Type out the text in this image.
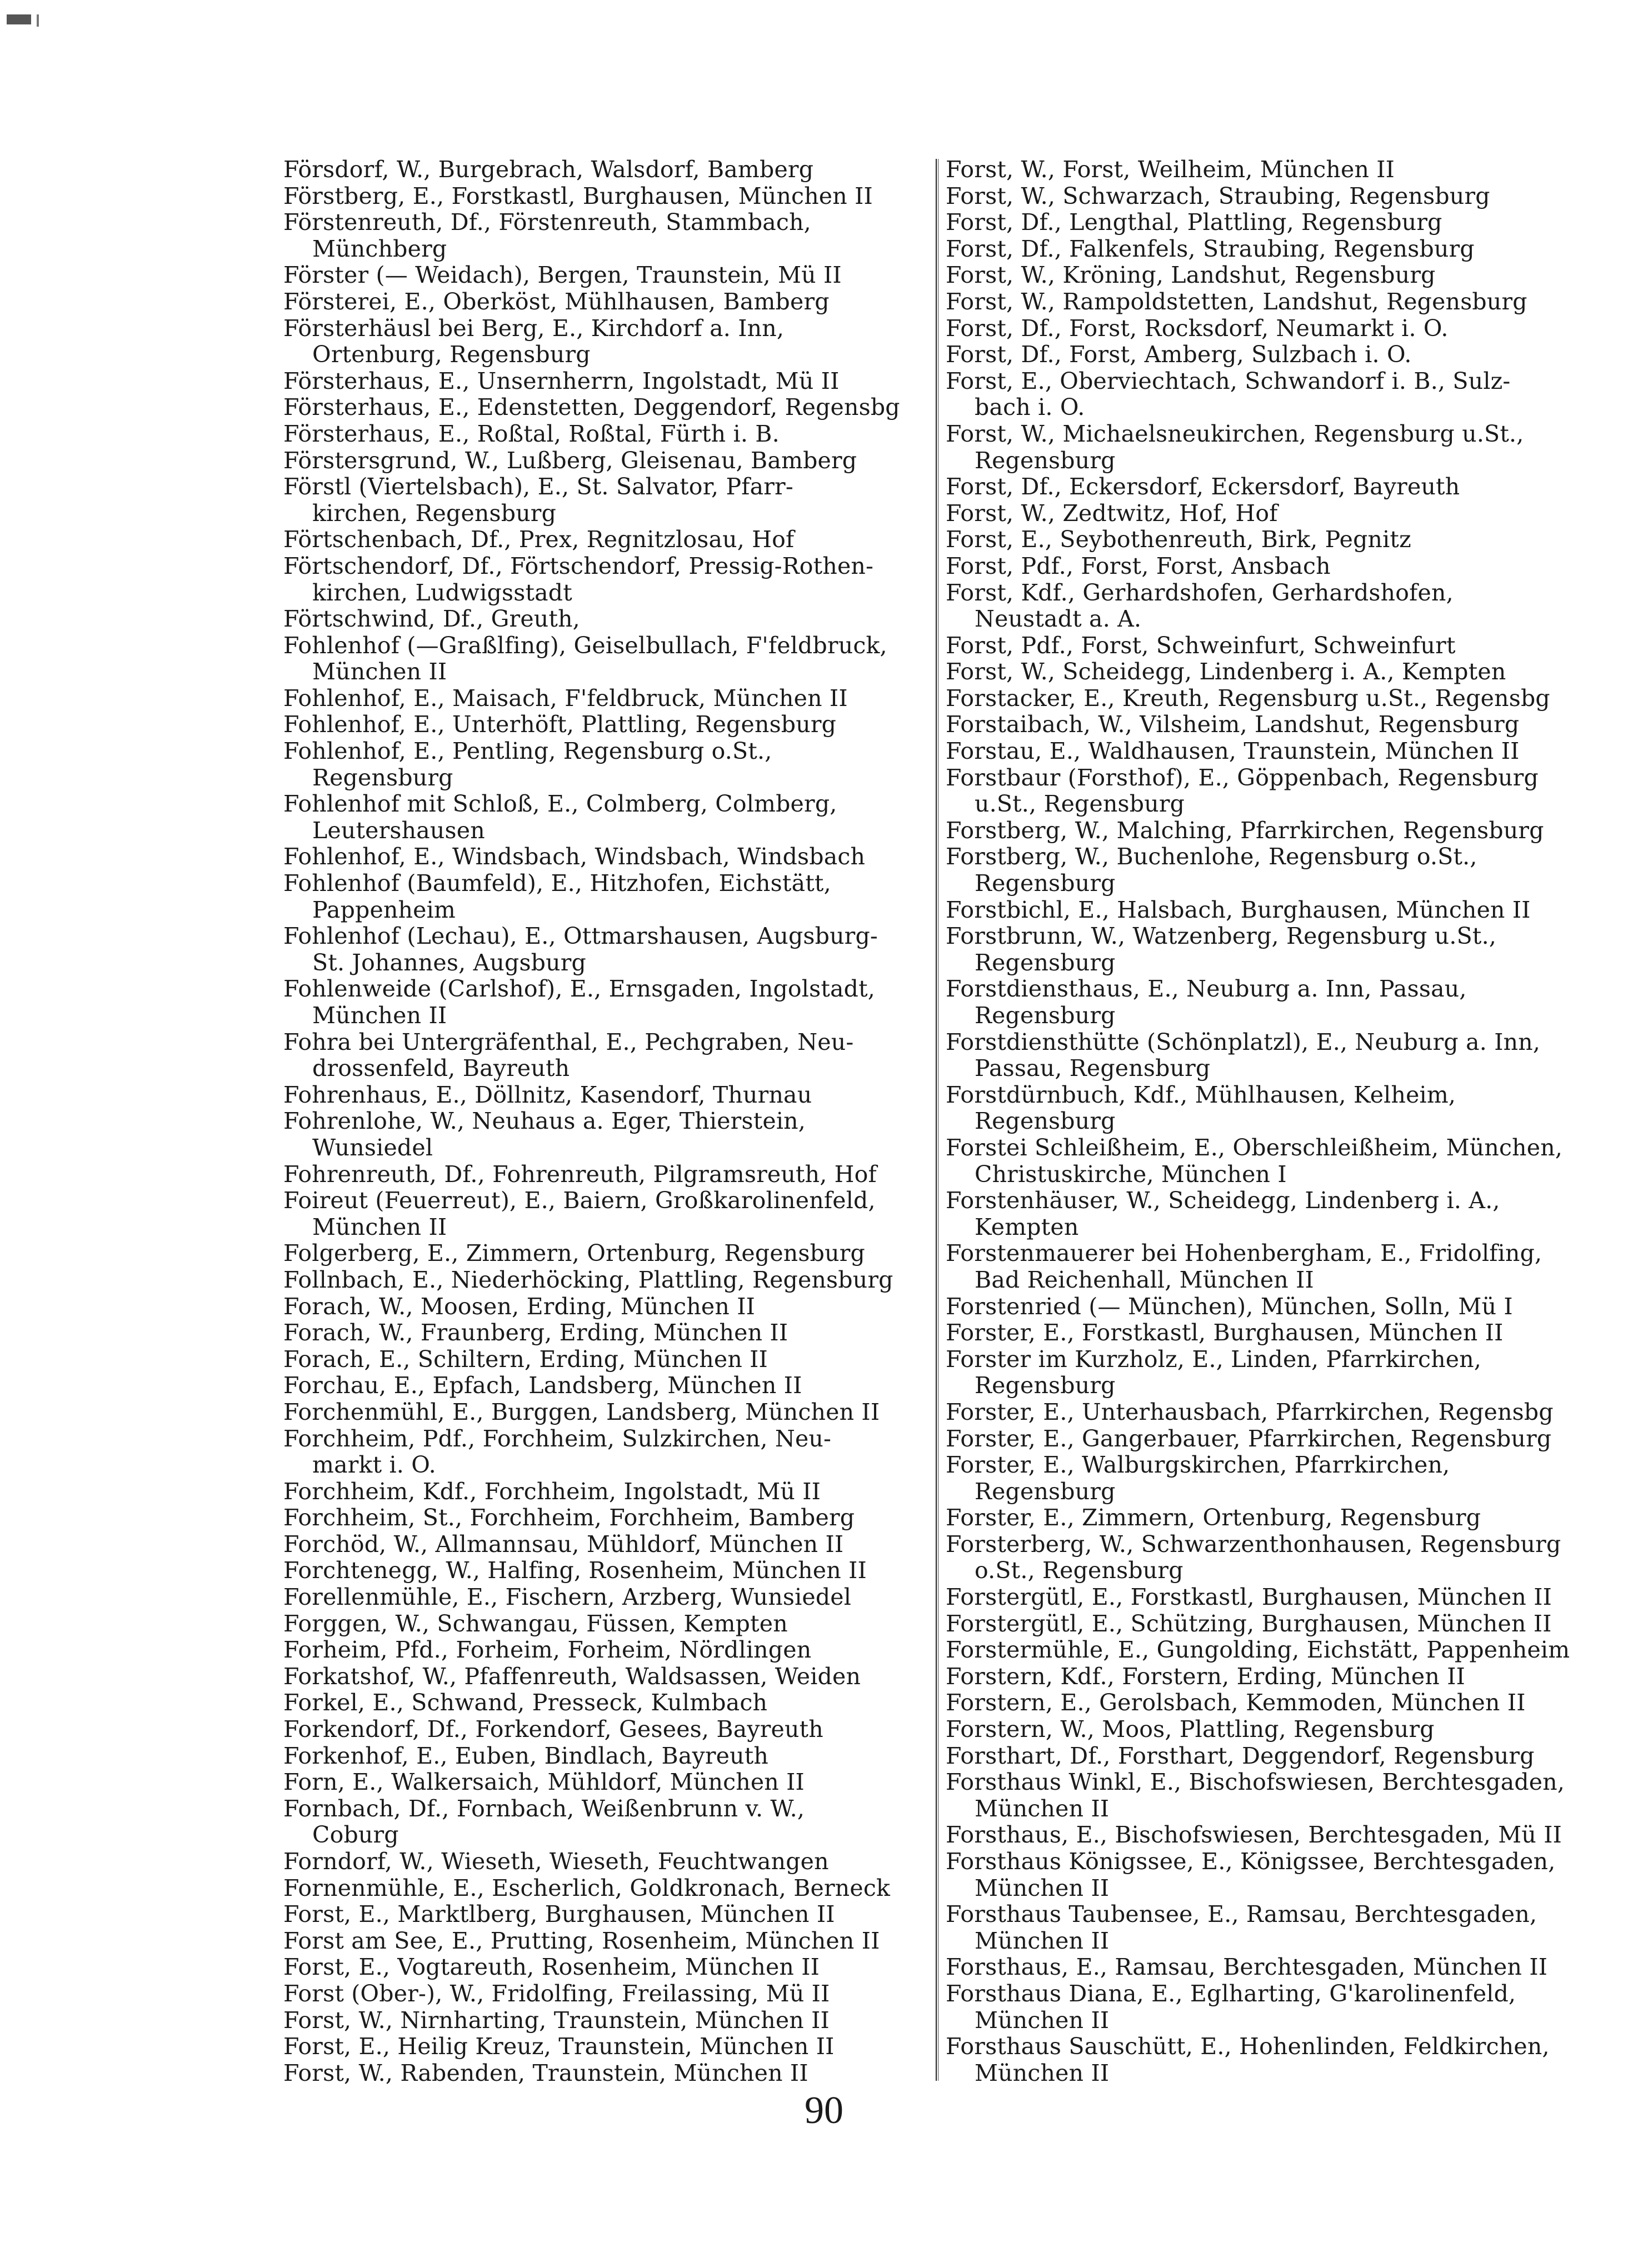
Försdorf, W., Burgebrach, Walsdorf, Bamberg
Förstberg, E., Forstkastl, Burghausen, München II
Förstenreuth, Df., Förstenreuth, Stammbach,
Münchberg
Förster (— Weidach), Bergen, Traunstein, Mü II
Försterei, E., Oberköst, Mühlhausen, Bamberg
Försterhäusl bei Berg, E., Kirchdorf a. Inn,
Ortenburg, Regensburg
Försterhaus, E., Unsernherrn, Ingolstadt, Mü II
Försterhaus, E., Edenstetten, Deggendorf, Regensbg
Försterhaus, E., Roßtal, Roßtal, Fürth i. B.
Förstersgrund, W., Lußberg, Gleisenau, Bamberg
Förstl (Viertelsbach), E., St. Salvator, Pfarr-
kirchen, Regensburg
Förtschenbach, Df., Prex, Regnitzlosau, Hof
Förtschendorf, Df., Förtschendorf, Pressig-Rothen-
kirchen, Ludwigsstadt
Förtschwind, Df., Greuth,
Fohlenhof (—Graßlfing), Geiselbullach, F'feldbruck,
München II
Fohlenhof, E., Maisach, F'feldbruck, München II
Fohlenhof, E., Unterhöft, Plattling, Regensburg
Fohlenhof, E., Pentling, Regensburg o.St.,
Regensburg
Fohlenhof mit Schloß, E., Colmberg, Colmberg,
Leutershausen
Fohlenhof, E., Windsbach, Windsbach, Windsbach
Fohlenhof (Baumfeld), E., Hitzhofen, Eichstätt,
Pappenheim
Fohlenhof (Lechau), E., Ottmarshausen, Augsburg-
St. Johannes, Augsburg
Fohlenweide (Carlshof), E., Ernsgaden, Ingolstadt,
München II
Fohra bei Untergräfenthal, E., Pechgraben, Neu-
drossenfeld, Bayreuth
Fohrenhaus, E., Döllnitz, Kasendorf, Thurnau
Fohrenlohe, W., Neuhaus a. Eger, Thierstein,
Wunsiedel
Fohrenreuth, Df., Fohrenreuth, Pilgramsreuth, Hof
Foireut (Feuerreut), E., Baiern, Großkarolinenfeld,
München II
Folgerberg, E., Zimmern, Ortenburg, Regensburg
Follnbach, E., Niederhöcking, Plattling, Regensburg
Forach, W., Moosen, Erding, München II
Forach, W., Fraunberg, Erding, München II
Forach, E., Schiltern, Erding, München II
Forchau, E., Epfach, Landsberg, München II
Forchenmühl, E., Burggen, Landsberg, München II
Forchheim, Pdf., Forchheim, Sulzkirchen, Neu-
markt i. O.
Forchheim, Kdf., Forchheim, Ingolstadt, Mü II
Forchheim, St., Forchheim, Forchheim, Bamberg
Forchöd, W., Allmannsau, Mühldorf, München II
Forchtenegg, W., Halfing, Rosenheim, München II
Forellenmühle, E., Fischern, Arzberg, Wunsiedel
Forggen, W., Schwangau, Füssen, Kempten
Forheim, Pfd., Forheim, Forheim, Nördlingen
Forkatshof, W., Pfaffenreuth, Waldsassen, Weiden
Forkel, E., Schwand, Presseck, Kulmbach
Forkendorf, Df., Forkendorf, Gesees, Bayreuth
Forkenhof, E., Euben, Bindlach, Bayreuth
Forn, E., Walkersaich, Mühldorf, München II
Fornbach, Df., Fornbach, Weißenbrunn v. W.,
Coburg
Forndorf, W., Wieseth, Wieseth, Feuchtwangen
Fornenmühle, E., Escherlich, Goldkronach, Berneck
Forst, E., Marktlberg, Burghausen, München II
Forst am See, E., Prutting, Rosenheim, München II
Forst, E., Vogtareuth, Rosenheim, München II
Forst (Ober-), W., Fridolfing, Freilassing, Mü II
Forst, W., Nirnharting, Traunstein, München II
Forst, E., Heilig Kreuz, Traunstein, München II
Forst, W., Rabenden, Traunstein, München II
Forst, W., Forst, Weilheim, München II
Forst, W., Schwarzach, Straubing, Regensburg
Forst, Df., Lengthal, Plattling, Regensburg
Forst, Df., Falkenfels, Straubing, Regensburg
Forst, W., Kröning, Landshut, Regensburg
Forst, W., Rampoldstetten, Landshut, Regensburg
Forst, Df., Forst, Rocksdorf, Neumarkt i. O.
Forst, Df., Forst, Amberg, Sulzbach i. O.
Forst, E., Oberviechtach, Schwandorf i. B., Sulz-
bach i. O.
Forst, W., Michaelsneukirchen, Regensburg u.St.,
Regensburg
Forst, Df., Eckersdorf, Eckersdorf, Bayreuth
Forst, W., Zedtwitz, Hof, Hof
Forst, E., Seybothenreuth, Birk, Pegnitz
Forst, Pdf., Forst, Forst, Ansbach
Forst, Kdf., Gerhardshofen, Gerhardshofen,
Neustadt a. A.
Forst, Pdf., Forst, Schweinfurt, Schweinfurt
Forst, W., Scheidegg, Lindenberg i. A., Kempten
Forstacker, E., Kreuth, Regensburg u.St., Regensbg
Forstaibach, W., Vilsheim, Landshut, Regensburg
Forstau, E., Waldhausen, Traunstein, München II
Forstbaur (Forsthof), E., Göppenbach, Regensburg
u.St., Regensburg
Forstberg, W., Malching, Pfarrkirchen, Regensburg
Forstberg, W., Buchenlohe, Regensburg o.St.,
Regensburg
Forstbichl, E., Halsbach, Burghausen, München II
Forstbrunn, W., Watzenberg, Regensburg u.St.,
Regensburg
Forstdiensthaus, E., Neuburg a. Inn, Passau,
Regensburg
Forstdiensthütte (Schönplatzl), E., Neuburg a. Inn,
Passau, Regensburg
Forstdürnbuch, Kdf., Mühlhausen, Kelheim,
Regensburg
Forstei Schleißheim, E., Oberschleißheim, München,
Christuskirche, München I
Forstenhäuser, W., Scheidegg, Lindenberg i. A.,
Kempten
Forstenmauerer bei Hohenbergham, E., Fridolfing,
Bad Reichenhall, München II
Forstenried (— München), München, Solln, Mü I
Forster, E., Forstkastl, Burghausen, München II
Forster im Kurzholz, E., Linden, Pfarrkirchen,
Regensburg
Forster, E., Unterhausbach, Pfarrkirchen, Regensbg
Forster, E., Gangerbauer, Pfarrkirchen, Regensburg
Forster, E., Walburgskirchen, Pfarrkirchen,
Regensburg
Forster, E., Zimmern, Ortenburg, Regensburg
Forsterberg, W., Schwarzenthonhausen, Regensburg
o.St., Regensburg
Forstergütl, E., Forstkastl, Burghausen, München II
Forstergütl, E., Schützing, Burghausen, München II
Forstermühle, E., Gungolding, Eichstätt, Pappenheim
Forstern, Kdf., Forstern, Erding, München II
Forstern, E., Gerolsbach, Kemmoden, München II
Forstern, W., Moos, Plattling, Regensburg
Forsthart, Df., Forsthart, Deggendorf, Regensburg
Forsthaus Winkl, E., Bischofswiesen, Berchtesgaden,
München II
Forsthaus, E., Bischofswiesen, Berchtesgaden, Mü II
Forsthaus Königssee, E., Königssee, Berchtesgaden,
München II
Forsthaus Taubensee, E., Ramsau, Berchtesgaden,
München II
Forsthaus, E., Ramsau, Berchtesgaden, München II
Forsthaus Diana, E., Eglharting, G'karolinenfeld,
München II
Forsthaus Sauschütt, E., Hohenlinden, Feldkirchen,
München II
90
